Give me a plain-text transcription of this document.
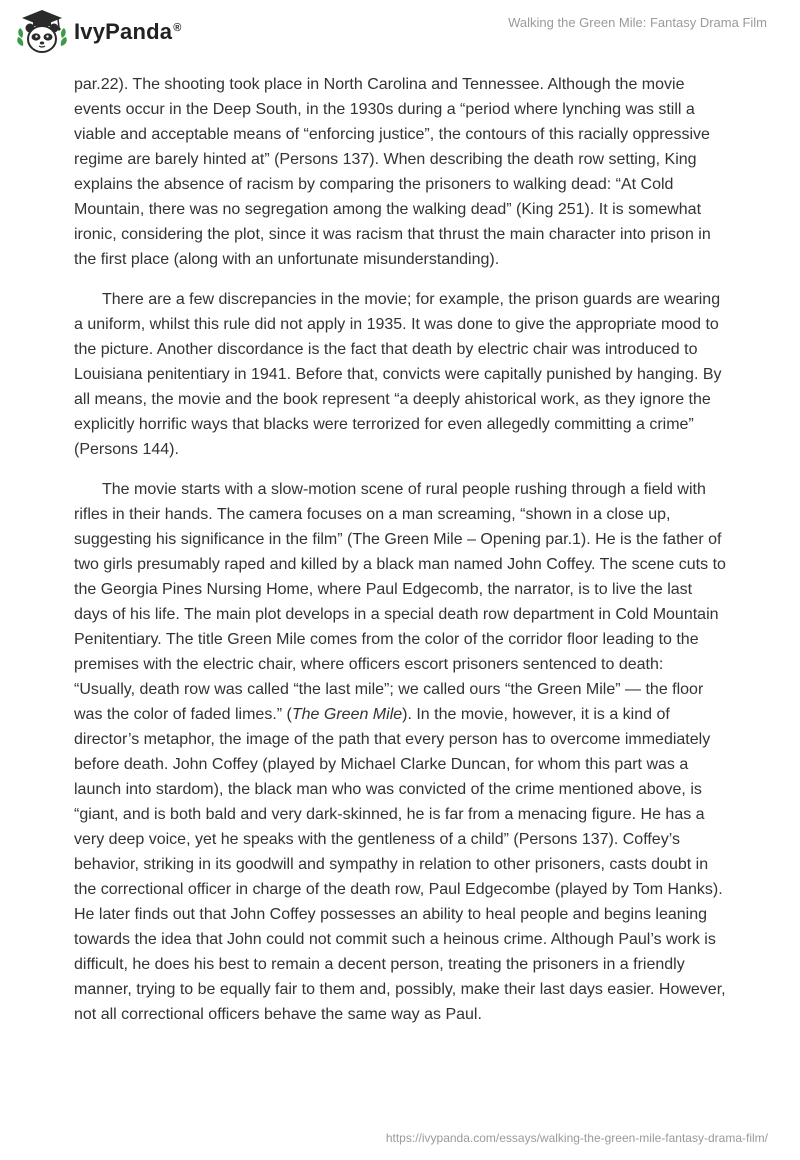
IvyPanda®	Walking the Green Mile: Fantasy Drama Film

par.22). The shooting took place in North Carolina and Tennessee. Although the movie events occur in the Deep South, in the 1930s during a “period where lynching was still a viable and acceptable means of “enforcing justice”, the contours of this racially oppressive regime are barely hinted at” (Persons 137). When describing the death row setting, King explains the absence of racism by comparing the prisoners to walking dead: “At Cold Mountain, there was no segregation among the walking dead” (King 251). It is somewhat ironic, considering the plot, since it was racism that thrust the main character into prison in the first place (along with an unfortunate misunderstanding).

There are a few discrepancies in the movie; for example, the prison guards are wearing a uniform, whilst this rule did not apply in 1935. It was done to give the appropriate mood to the picture. Another discordance is the fact that death by electric chair was introduced to Louisiana penitentiary in 1941. Before that, convicts were capitally punished by hanging. By all means, the movie and the book represent “a deeply ahistorical work, as they ignore the explicitly horrific ways that blacks were terrorized for even allegedly committing a crime” (Persons 144).

The movie starts with a slow-motion scene of rural people rushing through a field with rifles in their hands. The camera focuses on a man screaming, “shown in a close up, suggesting his significance in the film” (The Green Mile – Opening par.1). He is the father of two girls presumably raped and killed by a black man named John Coffey. The scene cuts to the Georgia Pines Nursing Home, where Paul Edgecomb, the narrator, is to live the last days of his life. The main plot develops in a special death row department in Cold Mountain Penitentiary. The title Green Mile comes from the color of the corridor floor leading to the premises with the electric chair, where officers escort prisoners sentenced to death: “Usually, death row was called “the last mile”; we called ours “the Green Mile” — the floor was the color of faded limes.” (The Green Mile). In the movie, however, it is a kind of director’s metaphor, the image of the path that every person has to overcome immediately before death. John Coffey (played by Michael Clarke Duncan, for whom this part was a launch into stardom), the black man who was convicted of the crime mentioned above, is “giant, and is both bald and very dark-skinned, he is far from a menacing figure. He has a very deep voice, yet he speaks with the gentleness of a child” (Persons 137). Coffey’s behavior, striking in its goodwill and sympathy in relation to other prisoners, casts doubt in the correctional officer in charge of the death row, Paul Edgecombe (played by Tom Hanks). He later finds out that John Coffey possesses an ability to heal people and begins leaning towards the idea that John could not commit such a heinous crime. Although Paul’s work is difficult, he does his best to remain a decent person, treating the prisoners in a friendly manner, trying to be equally fair to them and, possibly, make their last days easier. However, not all correctional officers behave the same way as Paul.

https://ivypanda.com/essays/walking-the-green-mile-fantasy-drama-film/
